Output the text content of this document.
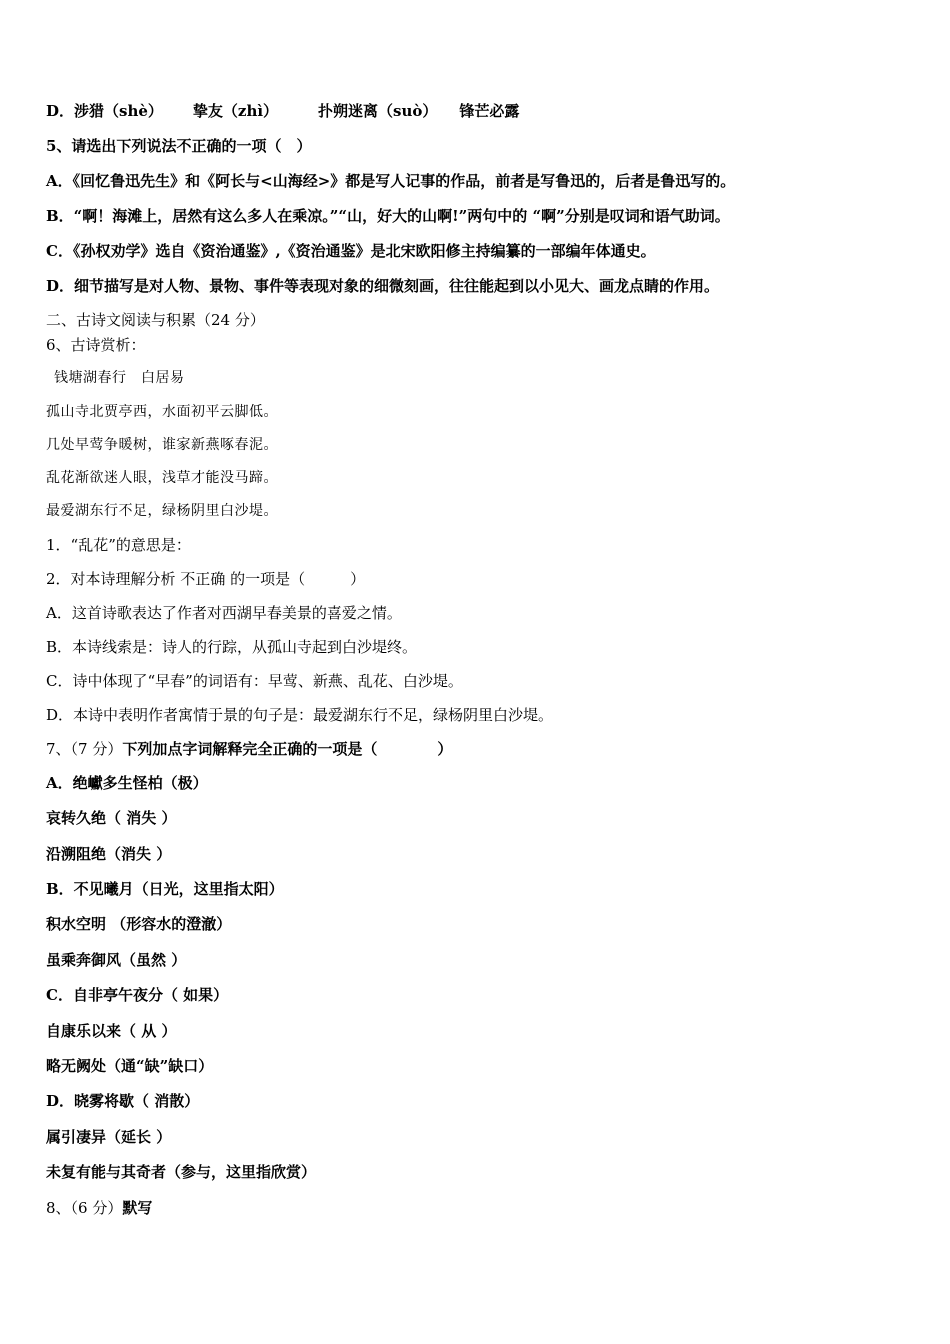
D．涉猎（shè） 挚友（zhì）	扑朔迷离（suò） 锋芒必露
5、请选出下列说法不正确的一项（　）
A．《回忆鲁迅先生》和《阿长与<山海经>》都是写人记事的作品，前者是写鲁迅的，后者是鲁迅写的。
B．“啊！海滩上，居然有这么多人在乘凉。”“山，好大的山啊!”两句中的 “啊”分别是叹词和语气助词。
C．《孙权劝学》选自《资治通鉴》,《资治通鉴》是北宋欧阳修主持编纂的一部编年体通史。
D．细节描写是对人物、景物、事件等表现对象的细微刻画，往往能起到以小见大、画龙点睛的作用。
二、古诗文阅读与积累（24 分）
6、古诗赏析：
钱塘湖春行　白居易
孤山寺北贾亭西，水面初平云脚低。
几处早莺争暖树，谁家新燕啄春泥。
乱花渐欲迷人眼，浅草才能没马蹄。
最爱湖东行不足，绿杨阴里白沙堤。
1．“乱花”的意思是：
2．对本诗理解分析 不正确 的一项是（　　　）
A．这首诗歌表达了作者对西湖早春美景的喜爱之情。
B．本诗线索是：诗人的行踪，从孤山寺起到白沙堤终。
C．诗中体现了“早春”的词语有：早莺、新燕、乱花、白沙堤。
D．本诗中表明作者寓情于景的句子是：最爱湖东行不足，绿杨阴里白沙堤。
7、（7 分）下列加点字词解释完全正确的一项是（　　　　）
A．绝巘多生怪柏（极）
哀转久绝（ 消失 ）
沿溯阻绝（消失 ）
B．不见曦月（日光，这里指太阳）
积水空明 （形容水的澄澈）
虽乘奔御风（虽然 ）
C．自非亭午夜分（ 如果）
自康乐以来（ 从 ）
略无阙处（通“缺”缺口）
D．晓雾将歇（ 消散）
属引凄异（延长 ）
未复有能与其奇者（参与，这里指欣赏）
8、（6 分）默写
